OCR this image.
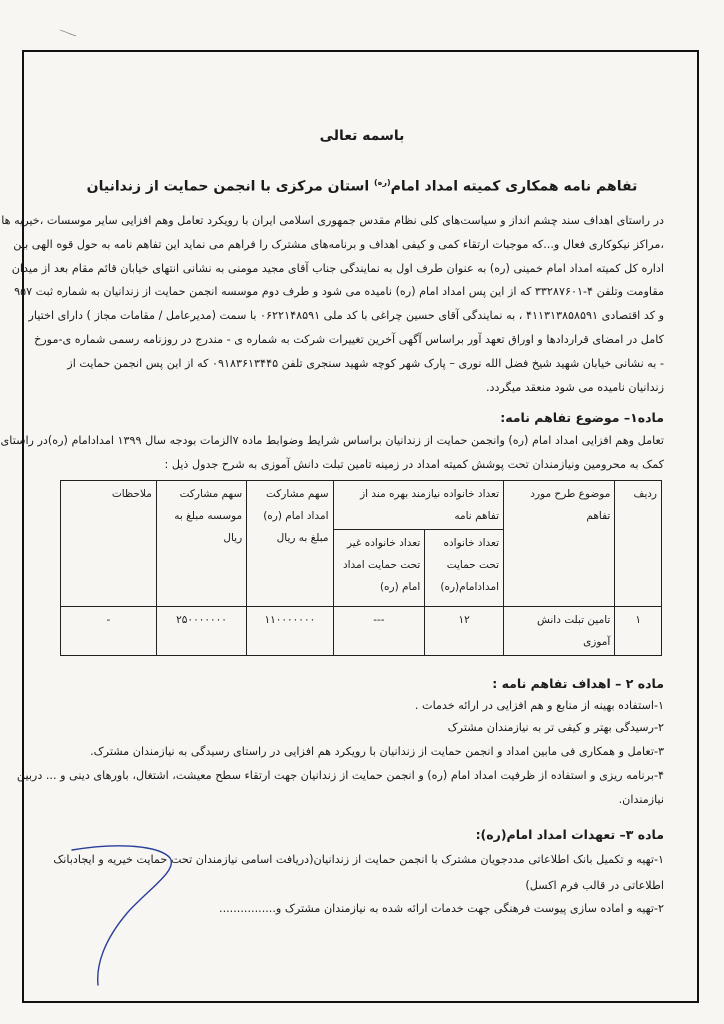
باسمه تعالی
تفاهم نامه همکاری کمیته امداد امام$^{(ره)}$ استان مرکزی با انجمن حمایت از زندانیان
در راستای اهداف سند چشم انداز و سیاست‌های کلی نظام مقدس جمهوری اسلامی ایران با رویکرد تعامل وهم افزایی سایر موسسات ،خیریه ها
،مراکز نیکوکاری فعال و...که موجبات ارتقاء کمی و کیفی اهداف و برنامه‌های مشترک را فراهم می نماید این تفاهم نامه به حول قوه الهی بین
اداره کل کمیته امداد امام خمینی (ره) به عنوان طرف اول به نمایندگی جناب آقای مجید مومنی به نشانی انتهای خیابان قائم مقام بعد از میدان
مقاومت وتلفن ۴-۳۳۲۸۷۶۰۱ که از این پس امداد امام (ره) نامیده می شود و طرف دوم موسسه انجمن حمایت از زندانیان به شماره ثبت ۹۵۷
و کد اقتصادی ۴۱۱۳۱۳۸۵۸۵۹۱ ، به نمایندگی آقای حسین چراغی با کد ملی ۰۶۲۲۱۴۸۵۹۱ با سمت (مدیرعامل / مقامات مجاز ) دارای اختیار
کامل در امضای قراردادها و اوراق تعهد آور براساس آگهی آخرین تغییرات شرکت به شماره ی - مندرج در روزنامه رسمی شماره ی-مورخ
- به نشانی خیابان شهید شیخ فضل الله نوری – پارک شهر کوچه شهید سنجری تلفن ۰۹۱۸۳۶۱۳۴۴۵ که از این پس انجمن حمایت از
زندانیان نامیده می شود منعقد میگردد.
ماده۱– موضوع تفاهم نامه:
تعامل وهم افزایی امداد امام (ره) وانجمن حمایت از زندانیان براساس شرایط وضوابط ماده ۷الزمات بودجه سال ۱۳۹۹ امدادامام (ره)در راستای
کمک به محرومین ونیازمندان تحت پوشش کمیته امداد در زمینه تامین تبلت دانش آموزی به شرح جدول ذیل :
ردیف	موضوع طرح مورد تفاهم	تعداد خانواده نیازمند بهره مند از تفاهم نامه		سهم مشارکت امداد امام (ره) مبلغ به ریال	سهم مشارکت موسسه مبلغ به ریال	ملاحظات
		تعداد خانواده تحت حمایت امدادامام(ره)	تعداد خانواده غیر تحت حمایت امداد امام (ره)			
۱	تامین تبلت دانش آموزی	۱۲	---	۱۱۰۰۰۰۰۰۰	۲۵۰۰۰۰۰۰۰	-
ماده ۲ – اهداف تفاهم نامه :
۱-استفاده بهینه از منابع و هم افزایی در ارائه خدمات .
۲-رسیدگی بهتر و کیفی تر به نیازمندان مشترک
۳-تعامل و همکاری فی مابین امداد و انجمن حمایت از زندانیان با رویکرد هم افزایی در راستای رسیدگی به نیازمندان مشترک.
۴-برنامه ریزی و استفاده از ظرفیت امداد امام (ره) و انجمن حمایت از زندانیان جهت ارتقاء سطح معیشت، اشتغال، باورهای دینی و ... دربین
نیازمندان.
ماده ۳– تعهدات امداد امام(ره):
۱-تهیه و تکمیل بانک اطلاعاتی مددجویان مشترک با انجمن حمایت از زندانیان(دریافت اسامی نیازمندان تحت حمایت خیریه و ایجادبانک
اطلاعاتی در قالب فرم اکسل)
۲-تهیه و اماده سازی پیوست فرهنگی جهت خدمات ارائه شده به نیازمندان مشترک و................
